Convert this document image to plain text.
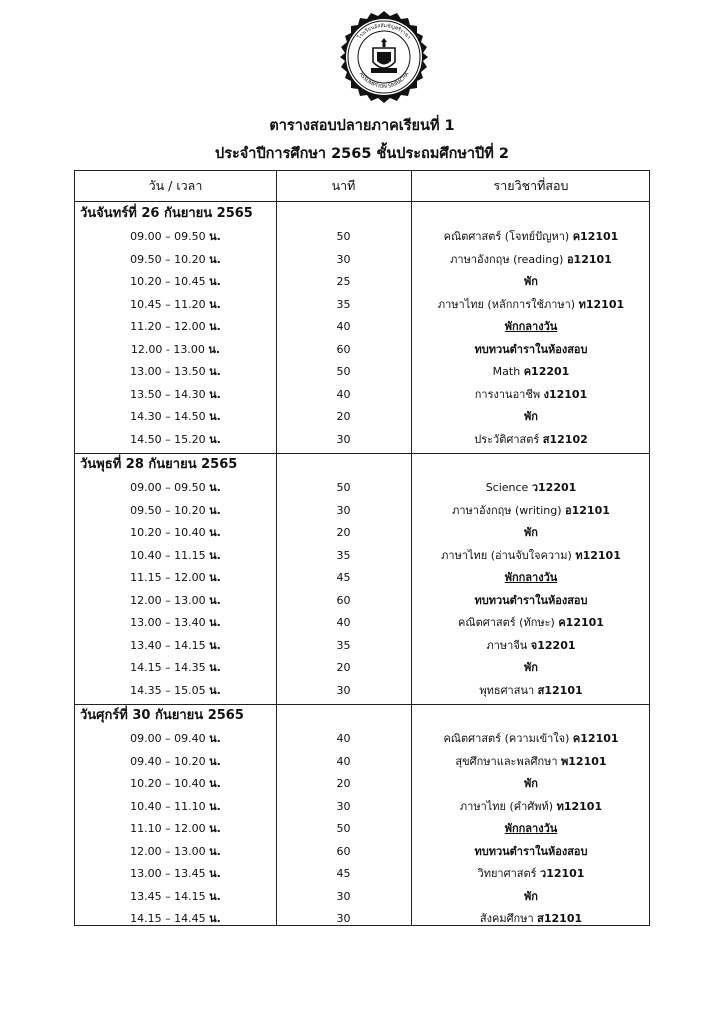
โรงเรียนอัสสัมชัญศรีราชา
ASSUMPTION SRIRACHA
ตารางสอบปลายภาคเรียนที่ 1
ประจำปีการศึกษา 2565 ชั้นประถมศึกษาปีที่ 2
วัน / เวลา	นาที	รายวิชาที่สอบ
วันจันทร์ที่ 26 กันยายน 2565
09.00 – 09.50 น.	50	คณิตศาสตร์ (โจทย์ปัญหา) ค12101
09.50 – 10.20 น.	30	ภาษาอังกฤษ (reading) อ12101
10.20 – 10.45 น.	25	พัก
10.45 – 11.20 น.	35	ภาษาไทย (หลักการใช้ภาษา) ท12101
11.20 – 12.00 น.	40	พักกลางวัน
12.00 - 13.00 น.	60	ทบทวนตำราในห้องสอบ
13.00 – 13.50 น.	50	Math ค12201
13.50 – 14.30 น.	40	การงานอาชีพ ง12101
14.30 – 14.50 น.	20	พัก
14.50 – 15.20 น.	30	ประวัติศาสตร์ ส12102
วันพุธที่ 28 กันยายน 2565
09.00 – 09.50 น.	50	Science ว12201
09.50 – 10.20 น.	30	ภาษาอังกฤษ (writing) อ12101
10.20 – 10.40 น.	20	พัก
10.40 – 11.15 น.	35	ภาษาไทย (อ่านจับใจความ) ท12101
11.15 – 12.00 น.	45	พักกลางวัน
12.00 – 13.00 น.	60	ทบทวนตำราในห้องสอบ
13.00 – 13.40 น.	40	คณิตศาสตร์ (ทักษะ) ค12101
13.40 – 14.15 น.	35	ภาษาจีน จ12201
14.15 – 14.35 น.	20	พัก
14.35 – 15.05 น.	30	พุทธศาสนา ส12101
วันศุกร์ที่ 30 กันยายน 2565
09.00 – 09.40 น.	40	คณิตศาสตร์ (ความเข้าใจ) ค12101
09.40 – 10.20 น.	40	สุขศึกษาและพลศึกษา พ12101
10.20 – 10.40 น.	20	พัก
10.40 – 11.10 น.	30	ภาษาไทย (คำศัพท์) ท12101
11.10 – 12.00 น.	50	พักกลางวัน
12.00 – 13.00 น.	60	ทบทวนตำราในห้องสอบ
13.00 – 13.45 น.	45	วิทยาศาสตร์ ว12101
13.45 – 14.15 น.	30	พัก
14.15 – 14.45 น.	30	สังคมศึกษา ส12101
